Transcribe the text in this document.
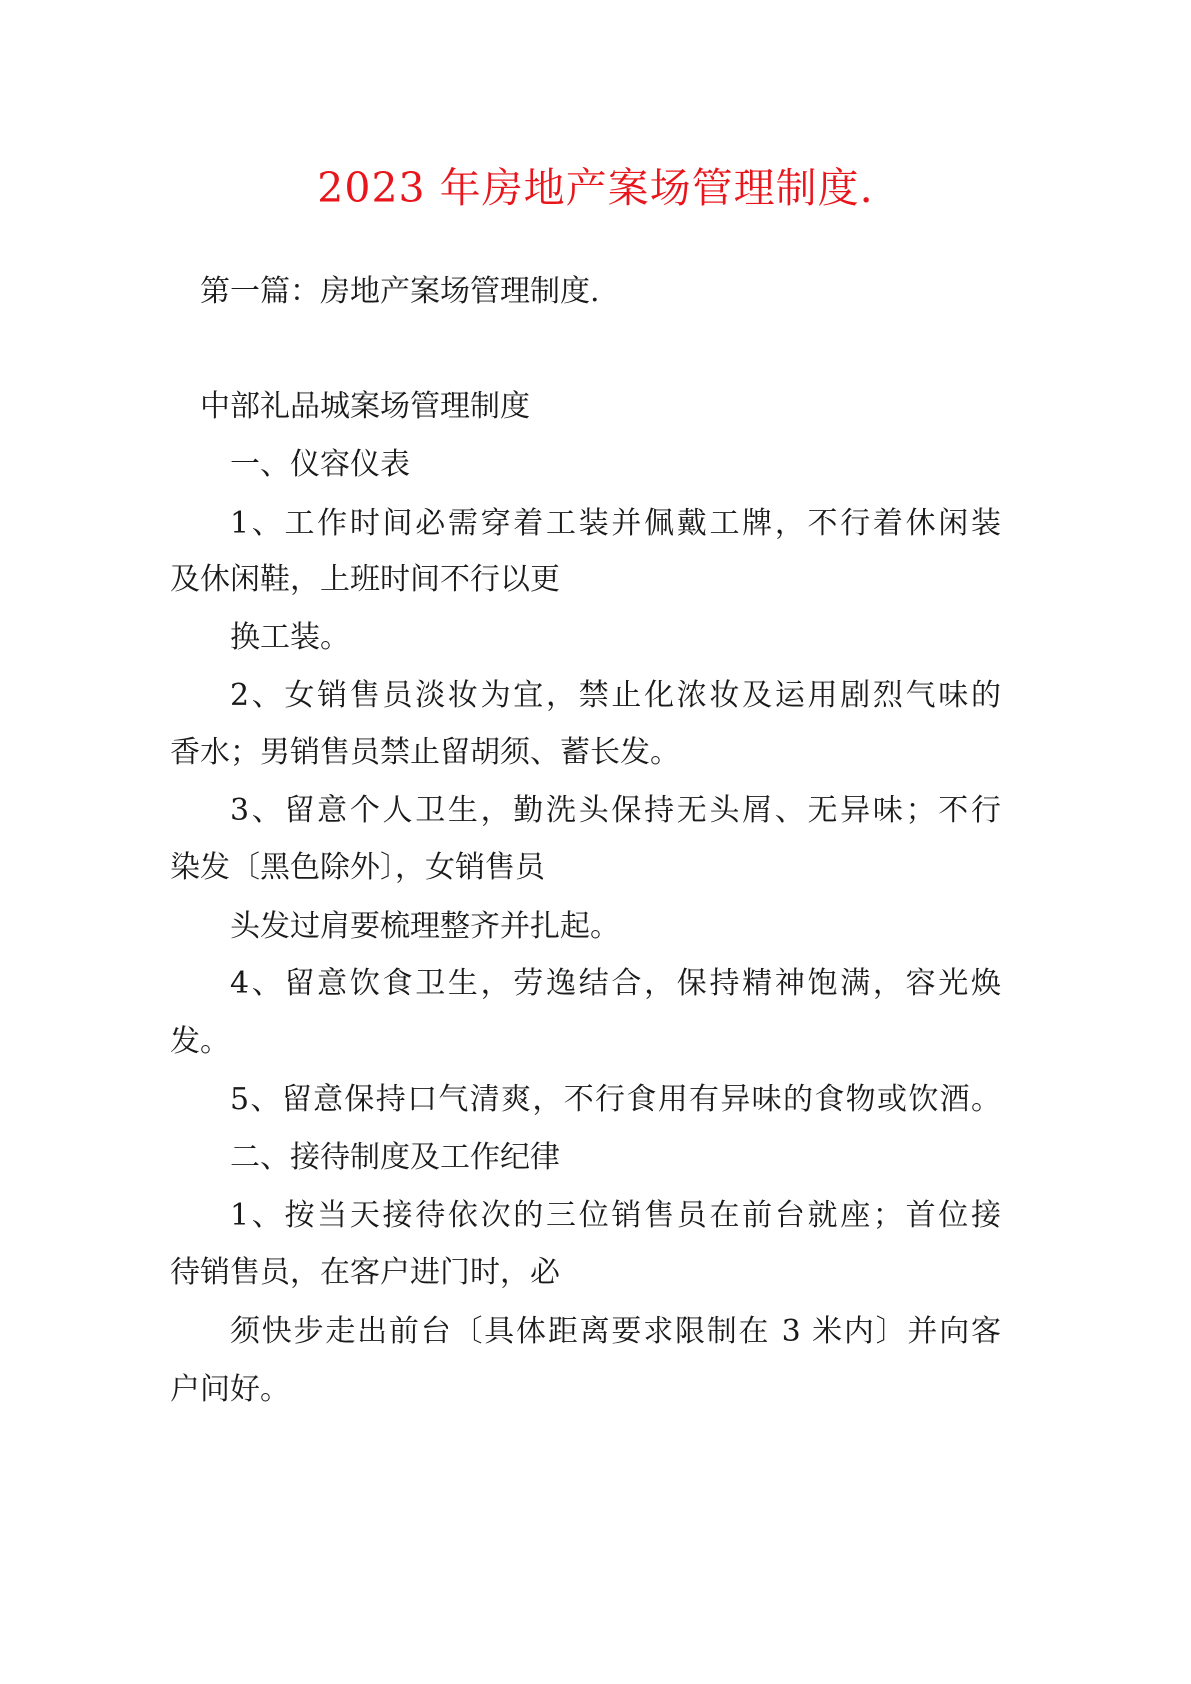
2023 年房地产案场管理制度.

第一篇：房地产案场管理制度.

中部礼品城案场管理制度

一、仪容仪表

1、工作时间必需穿着工装并佩戴工牌，不行着休闲装

及休闲鞋，上班时间不行以更

换工装。

2、女销售员淡妆为宜，禁止化浓妆及运用剧烈气味的

香水；男销售员禁止留胡须、蓄长发。

3、留意个人卫生，勤洗头保持无头屑、无异味；不行

染发〔黑色除外〕，女销售员

头发过肩要梳理整齐并扎起。

4、留意饮食卫生，劳逸结合，保持精神饱满，容光焕

发。

5、留意保持口气清爽，不行食用有异味的食物或饮酒。

二、接待制度及工作纪律

1、按当天接待依次的三位销售员在前台就座；首位接

待销售员，在客户进门时，必

须快步走出前台〔具体距离要求限制在 3 米内〕并向客

户问好。
